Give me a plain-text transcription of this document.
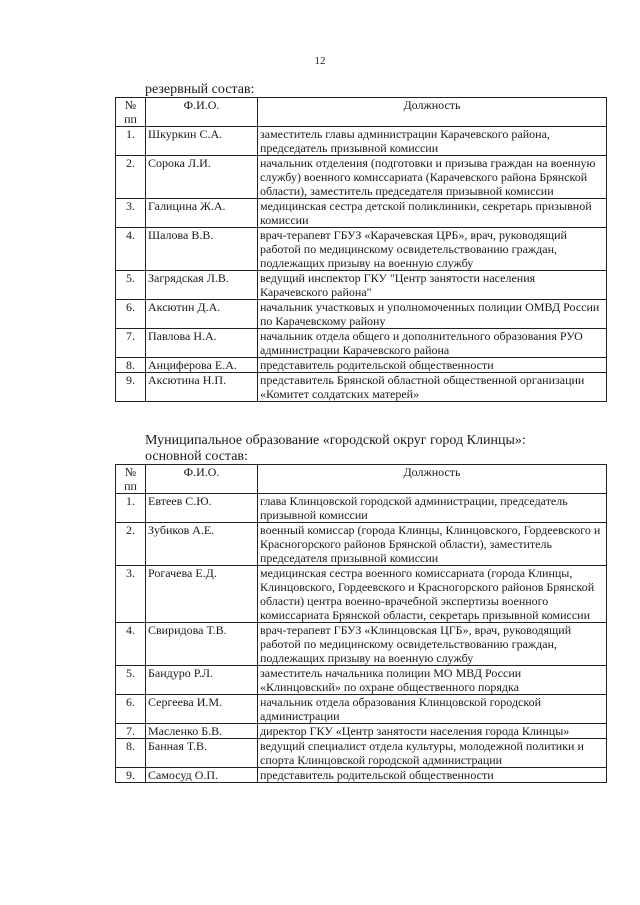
12
резервный состав:
№ пп	Ф.И.О.	Должность
1.	Шкуркин С.А.	заместитель главы администрации Карачевского района, председатель призывной комиссии
2.	Сорока Л.И.	начальник отделения (подготовки и призыва граждан на военную службу) военного комиссариата (Карачевского района Брянской области), заместитель председателя призывной комиссии
3.	Галицина Ж.А.	медицинская сестра детской поликлиники, секретарь призывной комиссии
4.	Шалова В.В.	врач-терапевт ГБУЗ «Карачевская ЦРБ», врач, руководящий работой по медицинскому освидетельствованию граждан, подлежащих призыву на военную службу
5.	Загрядская Л.В.	ведущий инспектор ГКУ "Центр занятости населения Карачевского района"
6.	Аксютин Д.А.	начальник участковых и уполномоченных полиции ОМВД России по Карачевскому району
7.	Павлова Н.А.	начальник отдела общего и дополнительного образования РУО администрации Карачевского района
8.	Анциферова Е.А.	представитель родительской общественности
9.	Аксютина Н.П.	представитель Брянской областной общественной организации «Комитет солдатских матерей»
Муниципальное образование «городской округ город Клинцы»:
основной состав:
№ пп	Ф.И.О.	Должность
1.	Евтеев С.Ю.	глава Клинцовской городской администрации, председатель призывной комиссии
2.	Зубиков А.Е.	военный комиссар (города Клинцы, Клинцовского, Гордеевского и Красногорского районов Брянской области), заместитель председателя призывной комиссии
3.	Рогачева Е.Д.	медицинская сестра военного комиссариата (города Клинцы, Клинцовского, Гордеевского и Красногорского районов Брянской области) центра военно-врачебной экспертизы военного комиссариата Брянской области, секретарь призывной комиссии
4.	Свиридова Т.В.	врач-терапевт ГБУЗ «Клинцовская ЦГБ», врач, руководящий работой по медицинскому освидетельствованию граждан, подлежащих призыву на военную службу
5.	Бандуро Р.Л.	заместитель начальника полиции МО МВД России «Клинцовский» по охране общественного порядка
6.	Сергеева И.М.	начальник отдела образования Клинцовской городской администрации
7.	Масленко Б.В.	директор ГКУ «Центр занятости населения города Клинцы»
8.	Банная Т.В.	ведущий специалист отдела культуры, молодежной политики и спорта Клинцовской городской администрации
9.	Самосуд О.П.	представитель родительской общественности
